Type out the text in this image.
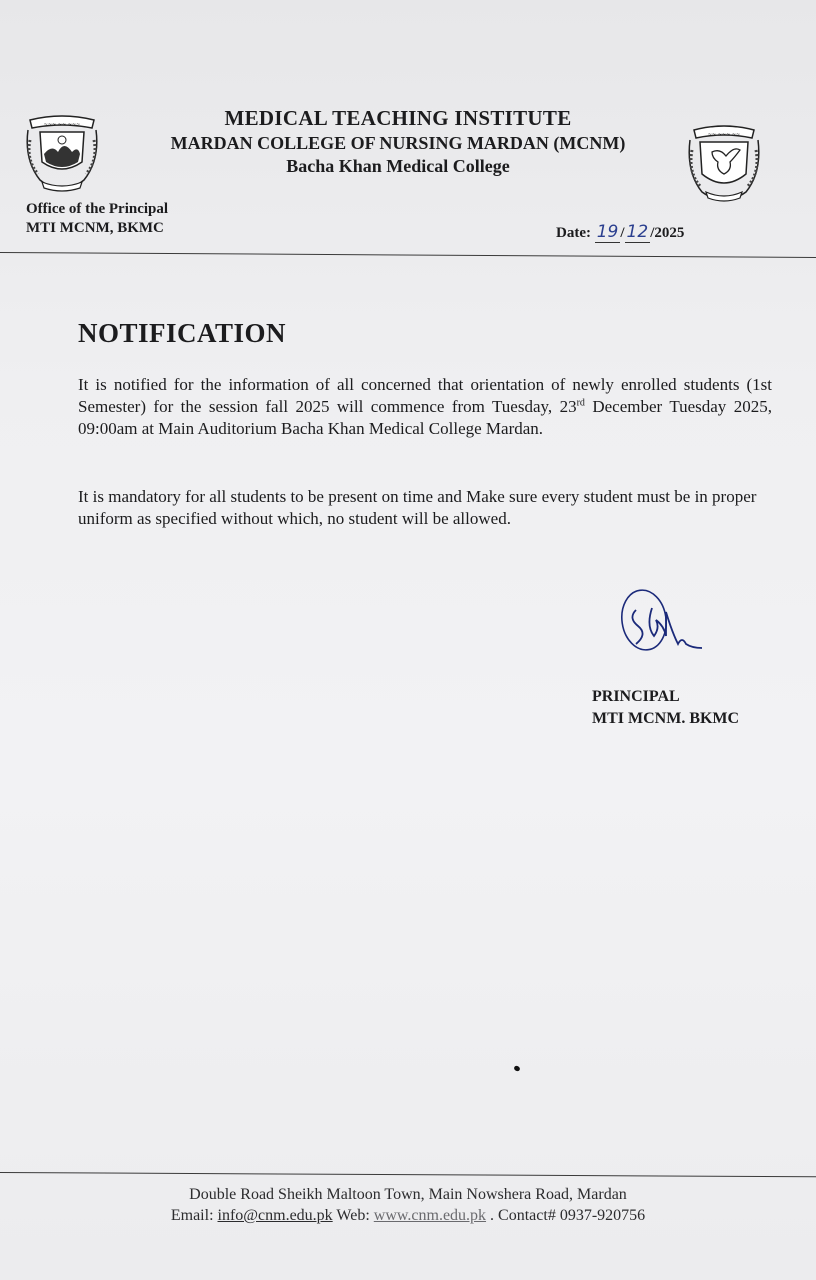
~~~ ~~ ~~~
~~ ~~~ ~~
MEDICAL TEACHING INSTITUTE
MARDAN COLLEGE OF NURSING MARDAN (MCNM)
Bacha Khan Medical College
Office of the Principal
MTI MCNM, BKMC	Date: 19 / 12 /2025
NOTIFICATION
It is notified for the information of all concerned that orientation of newly enrolled students (1st Semester) for the session fall 2025 will commence from Tuesday, 23rd December Tuesday 2025, 09:00am at Main Auditorium Bacha Khan Medical College Mardan.
It is mandatory for all students to be present on time and Make sure every student must be in proper uniform as specified without which, no student will be allowed.
PRINCIPAL
MTI MCNM. BKMC
Double Road Sheikh Maltoon Town, Main Nowshera Road, Mardan
Email: info@cnm.edu.pk Web: www.cnm.edu.pk . Contact# 0937-920756
